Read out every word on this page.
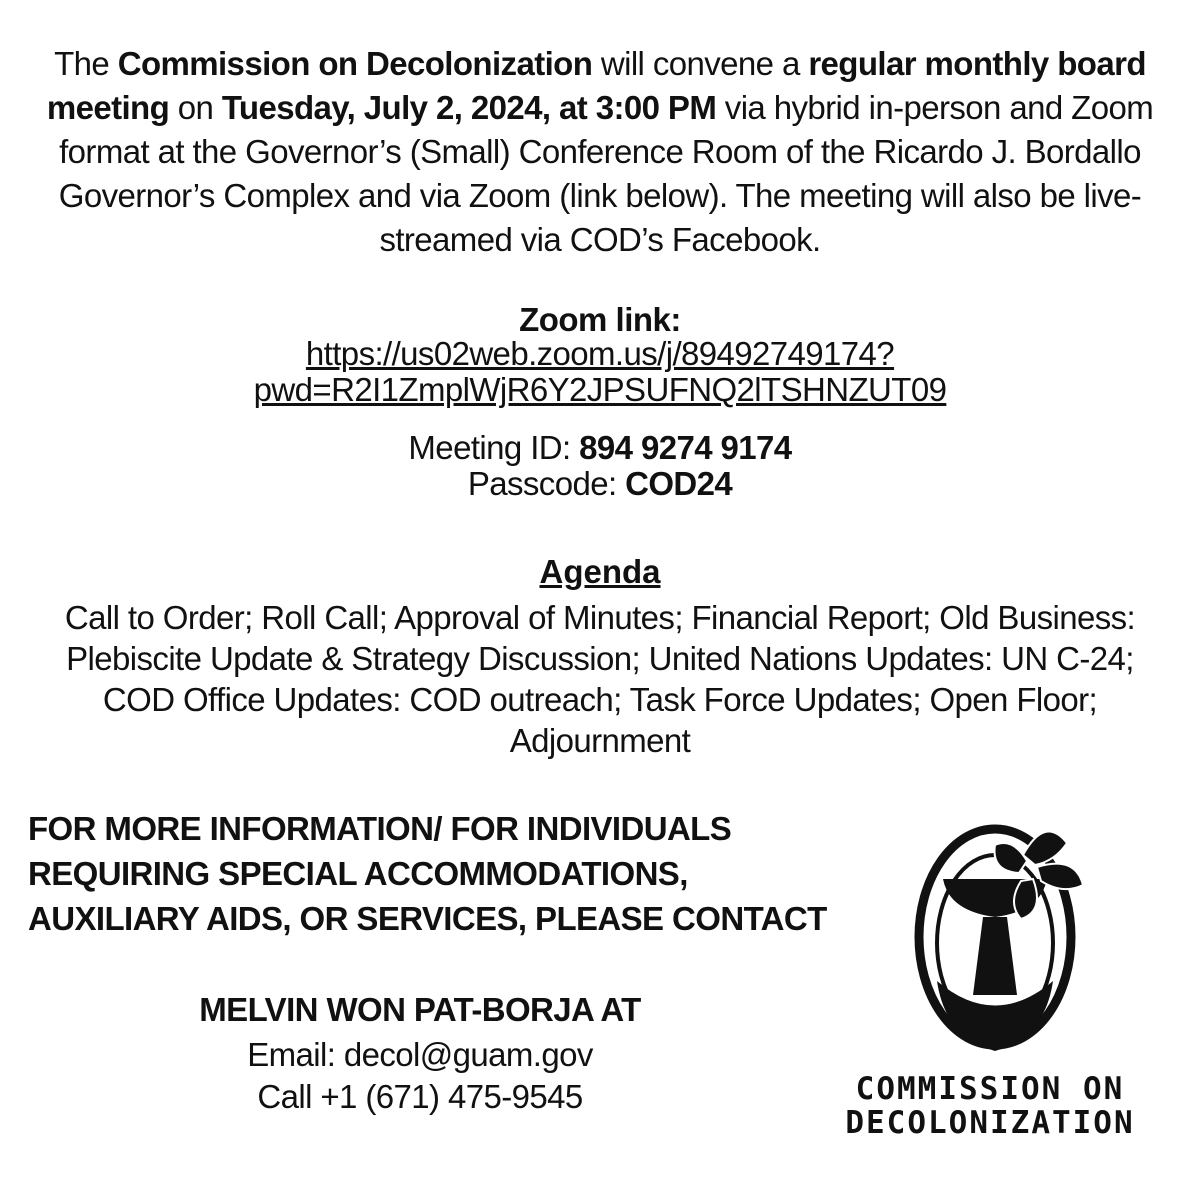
The Commission on Decolonization will convene a regular monthly board meeting on Tuesday, July 2, 2024, at 3:00 PM via hybrid in-person and Zoom format at the Governor’s (Small) Conference Room of the Ricardo J. Bordallo Governor’s Complex and via Zoom (link below). The meeting will also be live-streamed via COD’s Facebook.
Zoom link:
https://us02web.zoom.us/j/89492749174?
pwd=R2I1ZmplWjR6Y2JPSUFNQ2lTSHNZUT09
Meeting ID: 894 9274 9174
Passcode: COD24
Agenda
Call to Order; Roll Call; Approval of Minutes; Financial Report; Old Business: Plebiscite Update & Strategy Discussion; United Nations Updates: UN C-24; COD Office Updates: COD outreach; Task Force Updates; Open Floor; Adjournment
FOR MORE INFORMATION/ FOR INDIVIDUALS REQUIRING SPECIAL ACCOMMODATIONS, AUXILIARY AIDS, OR SERVICES, PLEASE CONTACT
MELVIN WON PAT-BORJA AT
Email: decol@guam.gov
Call +1 (671) 475-9545	COMMISSION ON
DECOLONIZATION
